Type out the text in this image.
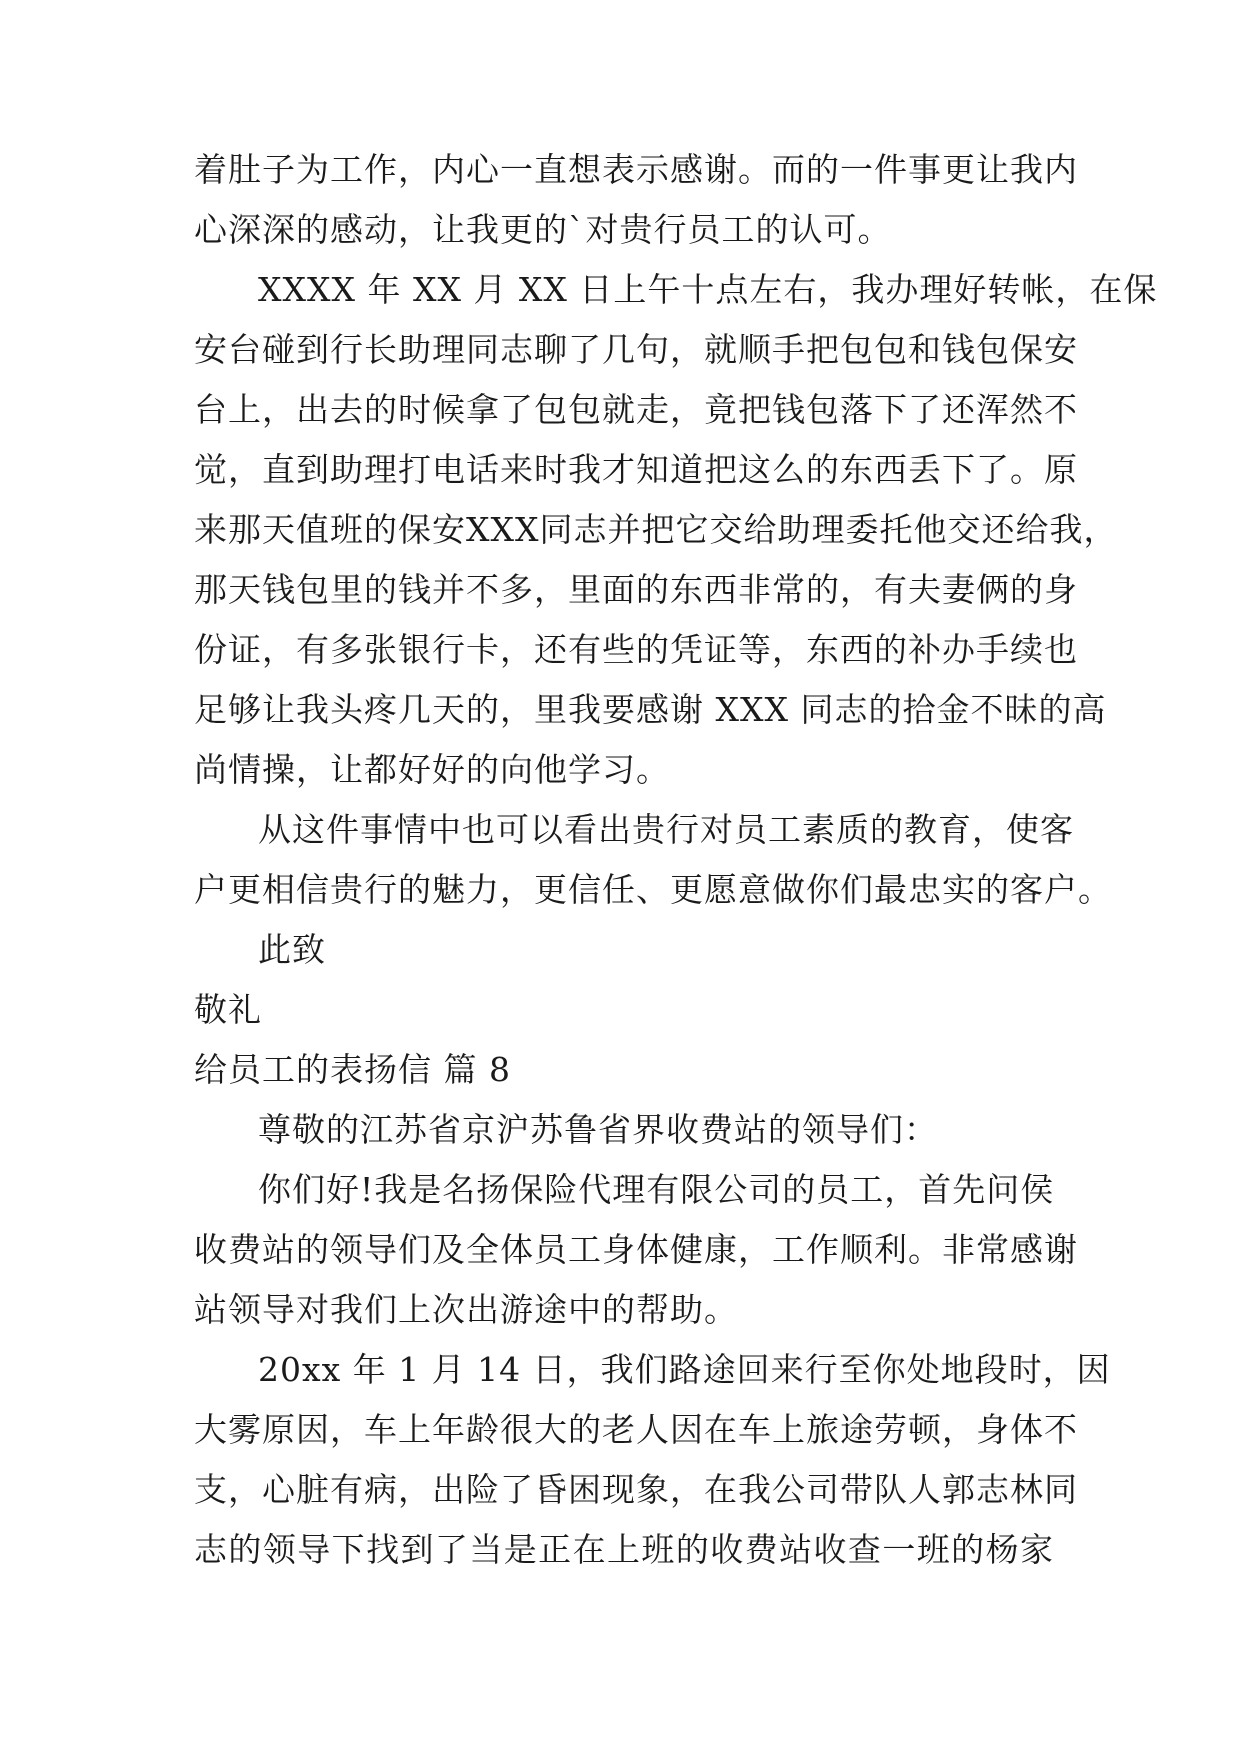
着肚子为工作，内心一直想表示感谢。而的一件事更让我内
心深深的感动，让我更的`对贵行员工的认可。
XXXX 年 XX 月 XX 日上午十点左右，我办理好转帐，在保
安台碰到行长助理同志聊了几句，就顺手把包包和钱包保安
台上，出去的时候拿了包包就走，竟把钱包落下了还浑然不
觉，直到助理打电话来时我才知道把这么的东西丢下了。原
来那天值班的保安XXX同志并把它交给助理委托他交还给我，
那天钱包里的钱并不多，里面的东西非常的，有夫妻俩的身
份证，有多张银行卡，还有些的凭证等，东西的补办手续也
足够让我头疼几天的，里我要感谢 XXX 同志的拾金不昧的高
尚情操，让都好好的向他学习。
从这件事情中也可以看出贵行对员工素质的教育，使客
户更相信贵行的魅力，更信任、更愿意做你们最忠实的客户。
此致
敬礼
给员工的表扬信 篇 8
尊敬的江苏省京沪苏鲁省界收费站的领导们：
你们好!我是名扬保险代理有限公司的员工，首先问侯
收费站的领导们及全体员工身体健康，工作顺利。非常感谢
站领导对我们上次出游途中的帮助。
20xx 年 1 月 14 日，我们路途回来行至你处地段时，因
大雾原因，车上年龄很大的老人因在车上旅途劳顿，身体不
支，心脏有病，出险了昏困现象，在我公司带队人郭志林同
志的领导下找到了当是正在上班的收费站收查一班的杨家
